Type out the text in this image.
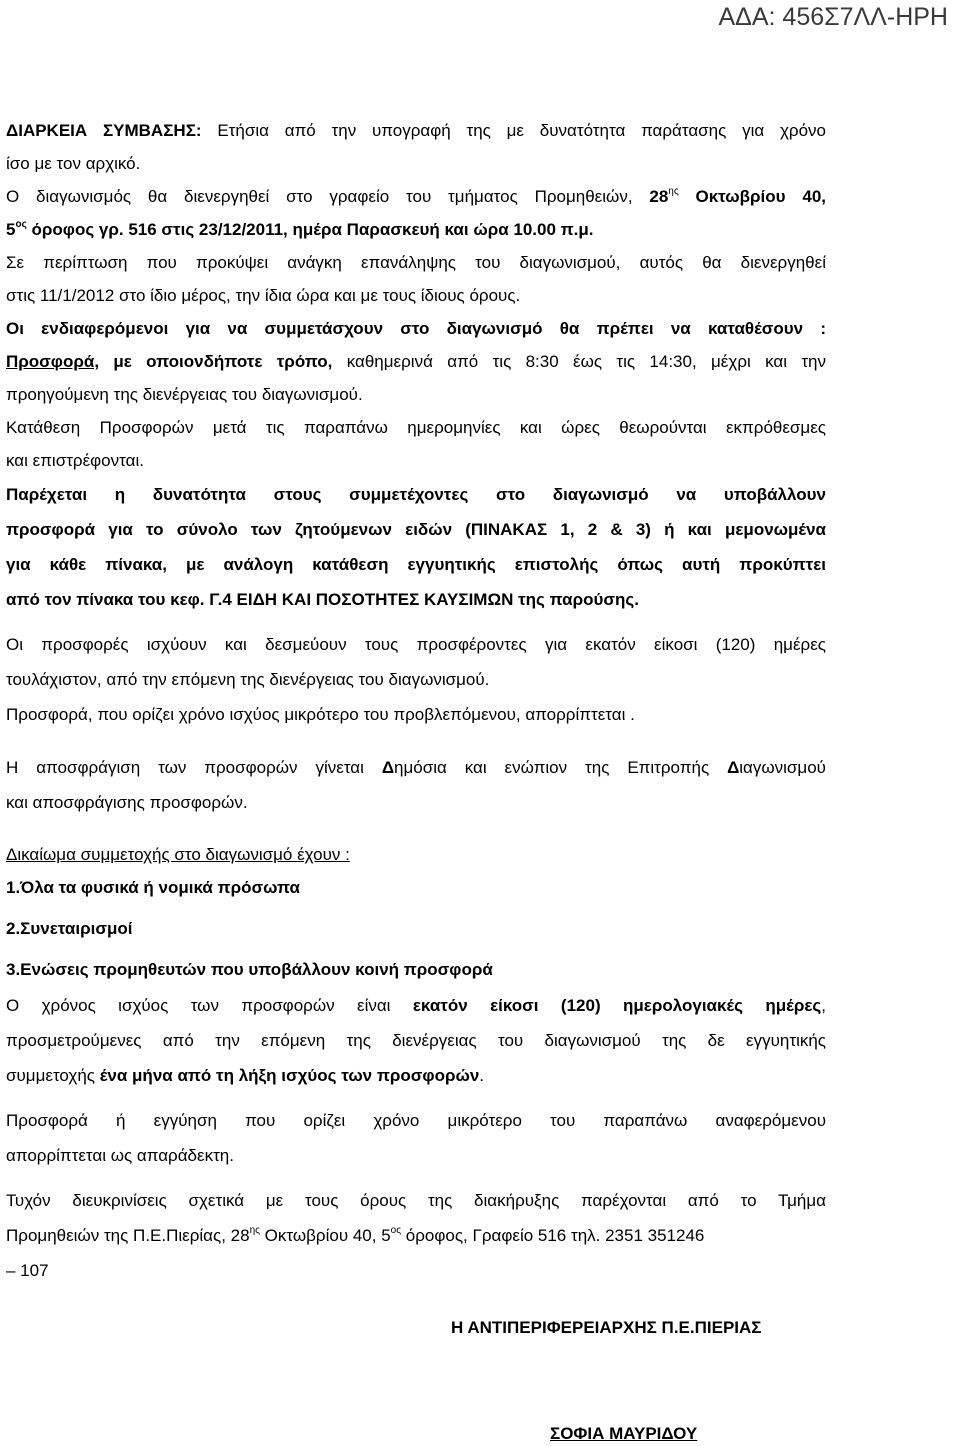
ΑΔΑ: 456Σ7ΛΛ-ΗΡΗ
ΔΙΑΡΚΕΙΑ ΣΥΜΒΑΣΗΣ: Ετήσια από την υπογραφή της με δυνατότητα παράτασης για χρόνο
ίσο με τον αρχικό.
Ο διαγωνισμός θα διενεργηθεί στο γραφείο του τμήματος Προμηθειών, $28^{\eta\varsigma}$ Οκτωβρίου 40,
$5^{o\varsigma}$ όροφος γρ. 516 στις 23/12/2011, ημέρα Παρασκευή και ώρα 10.00 π.μ.
Σε περίπτωση που προκύψει ανάγκη επανάληψης του διαγωνισμού, αυτός θα διενεργηθεί
στις 11/1/2012 στο ίδιο μέρος, την ίδια ώρα και με τους ίδιους όρους.
Οι ενδιαφερόμενοι για να συμμετάσχουν στο διαγωνισμό θα πρέπει να καταθέσουν :
Προσφορά, με οποιονδήποτε τρόπο, καθημερινά από τις 8:30 έως τις 14:30, μέχρι και την
προηγούμενη της διενέργειας του διαγωνισμού.
Κατάθεση Προσφορών μετά τις παραπάνω ημερομηνίες και ώρες θεωρούνται εκπρόθεσμες
και επιστρέφονται.
Παρέχεται η δυνατότητα στους συμμετέχοντες στο διαγωνισμό να υποβάλλουν
προσφορά για το σύνολο των ζητούμενων ειδών (ΠΙΝΑΚΑΣ 1, 2 & 3) ή και μεμονωμένα
για κάθε πίνακα, με ανάλογη κατάθεση εγγυητικής επιστολής όπως αυτή προκύπτει
από τον πίνακα του κεφ. Γ.4 ΕΙΔΗ ΚΑΙ ΠΟΣΟΤΗΤΕΣ ΚΑΥΣΙΜΩΝ της παρούσης.
Οι προσφορές ισχύουν και δεσμεύουν τους προσφέροντες για εκατόν είκοσι (120) ημέρες
τουλάχιστον, από την επόμενη της διενέργειας του διαγωνισμού.
Προσφορά, που ορίζει χρόνο ισχύος μικρότερο του προβλεπόμενου, απορρίπτεται .
Η αποσφράγιση των προσφορών γίνεται Δημόσια και ενώπιον της Επιτροπής Διαγωνισμού
και αποσφράγισης προσφορών.
Δικαίωμα συμμετοχής στο διαγωνισμό έχουν :
1.Όλα τα φυσικά ή νομικά πρόσωπα
2.Συνεταιρισμοί
3.Ενώσεις προμηθευτών που υποβάλλουν κοινή προσφορά
Ο χρόνος ισχύος των προσφορών είναι εκατόν είκοσι (120) ημερολογιακές ημέρες,
προσμετρούμενες από την επόμενη της διενέργειας του διαγωνισμού της δε εγγυητικής
συμμετοχής ένα μήνα από τη λήξη ισχύος των προσφορών.
Προσφορά ή εγγύηση που ορίζει χρόνο μικρότερο του παραπάνω αναφερόμενου
απορρίπτεται ως απαράδεκτη.
Τυχόν διευκρινίσεις σχετικά με τους όρους της διακήρυξης παρέχονται από το Τμήμα
Προμηθειών της Π.Ε.Πιερίας, $28^{\eta\varsigma}$ Οκτωβρίου 40, $5^{o\varsigma}$ όροφος, Γραφείο 516 τηλ. 2351 351246
– 107
Η ΑΝΤΙΠΕΡΙΦΕΡΕΙΑΡΧΗΣ Π.Ε.ΠΙΕΡΙΑΣ
ΣΟΦΙΑ ΜΑΥΡΙΔΟΥ
